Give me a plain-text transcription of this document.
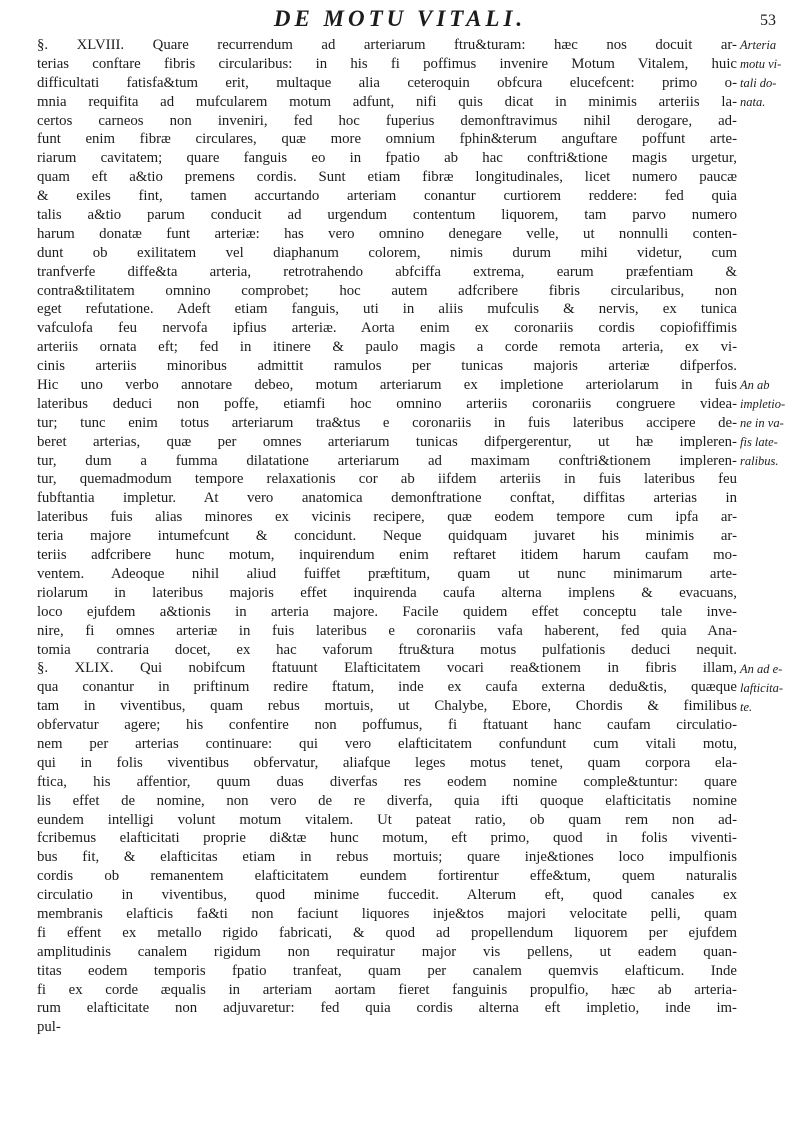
DE MOTU VITALI.	53
§. XLVIII. Quare recurrendum ad arteriarum ftru&turam: hæc nos docuit ar-
terias conftare fibris circularibus: in his fi poffimus invenire Motum Vitalem, huic
difficultati fatisfa&tum erit, multaque alia ceteroquin obfcura elucefcent: primo o-
mnia requifita ad mufcularem motum adfunt, nifi quis dicat in minimis arteriis la-
certos carneos non inveniri, fed hoc fuperius demonftravimus nihil derogare, ad-
funt enim fibræ circulares, quæ more omnium fphin&terum anguftare poffunt arte-
riarum cavitatem; quare fanguis eo in fpatio ab hac conftri&tione magis urgetur,
quam eft a&tio premens cordis. Sunt etiam fibræ longitudinales, licet numero paucæ
& exiles fint, tamen accurtando arteriam conantur curtiorem reddere: fed quia
talis a&tio parum conducit ad urgendum contentum liquorem, tam parvo numero
harum donatæ funt arteriæ: has vero omnino denegare velle, ut nonnulli conten-
dunt ob exilitatem vel diaphanum colorem, nimis durum mihi videtur, cum
tranfverfe diffe&ta arteria, retrotrahendo abfciffa extrema, earum præfentiam &
contra&tilitatem omnino comprobet; hoc autem adfcribere fibris circularibus, non
eget refutatione. Adeft etiam fanguis, uti in aliis mufculis & nervis, ex tunica
vafculofa feu nervofa ipfius arteriæ. Aorta enim ex coronariis cordis copiofiffimis
arteriis ornata eft; fed in itinere & paulo magis a corde remota arteria, ex vi-
cinis arteriis minoribus admittit ramulos per tunicas majoris arteriæ difperfos.
Hic uno verbo annotare debeo, motum arteriarum ex impletione arteriolarum in fuis
lateribus deduci non poffe, etiamfi hoc omnino arteriis coronariis congruere videa-
tur; tunc enim totus arteriarum tra&tus e coronariis in fuis lateribus accipere de-
beret arterias, quæ per omnes arteriarum tunicas difpergerentur, ut hæ impleren-
tur, dum a fumma dilatatione arteriarum ad maximam conftri&tionem impleren-
tur, quemadmodum tempore relaxationis cor ab iifdem arteriis in fuis lateribus feu
fubftantia impletur. At vero anatomica demonftratione conftat, diffitas arterias in
lateribus fuis alias minores ex vicinis recipere, quæ eodem tempore cum ipfa ar-
teria majore intumefcunt & concidunt. Neque quidquam juvaret his minimis ar-
teriis adfcribere hunc motum, inquirendum enim reftaret itidem harum caufam mo-
ventem. Adeoque nihil aliud fuiffet præftitum, quam ut nunc minimarum arte-
riolarum in lateribus majoris effet inquirenda caufa alterna implens & evacuans,
loco ejufdem a&tionis in arteria majore. Facile quidem effet conceptu tale inve-
nire, fi omnes arteriæ in fuis lateribus e coronariis vafa haberent, fed quia Ana-
tomia contraria docet, ex hac vaforum ftru&tura motus pulfationis deduci nequit.
§. XLIX. Qui nobifcum ftatuunt Elafticitatem vocari rea&tionem in fibris illam,
qua conantur in priftinum redire ftatum, inde ex caufa externa dedu&tis, quæque
tam in viventibus, quam rebus mortuis, ut Chalybe, Ebore, Chordis & fimilibus
obfervatur agere; his confentire non poffumus, fi ftatuant hanc caufam circulatio-
nem per arterias continuare: qui vero elafticitatem confundunt cum vitali motu,
qui in folis viventibus obfervatur, aliafque leges motus tenet, quam corpora ela-
ftica, his affentior, quum duas diverfas res eodem nomine comple&tuntur: quare
lis effet de nomine, non vero de re diverfa, quia ifti quoque elafticitatis nomine
eundem intelligi volunt motum vitalem. Ut pateat ratio, ob quam rem non ad-
fcribemus elafticitati proprie di&tæ hunc motum, eft primo, quod in folis viventi-
bus fit, & elafticitas etiam in rebus mortuis; quare inje&tiones loco impulfionis
cordis ob remanentem elafticitatem eundem fortirentur effe&tum, quem naturalis
circulatio in viventibus, quod minime fuccedit. Alterum eft, quod canales ex
membranis elafticis fa&ti non faciunt liquores inje&tos majori velocitate pelli, quam
fi effent ex metallo rigido fabricati, & quod ad propellendum liquorem per ejufdem
amplitudinis canalem rigidum non requiratur major vis pellens, ut eadem quan-
titas eodem temporis fpatio tranfeat, quam per canalem quemvis elafticum. Inde
fi ex corde æqualis in arteriam aortam fieret fanguinis propulfio, hæc ab arteria-
rum elafticitate non adjuvaretur: fed quia cordis alterna eft impletio, inde im-
pul-
Arteria
motu vi-
tali do-
nata.
An ab
impletio-
ne in va-
fis late-
ralibus.
An ad e-
lafticita-
te.
